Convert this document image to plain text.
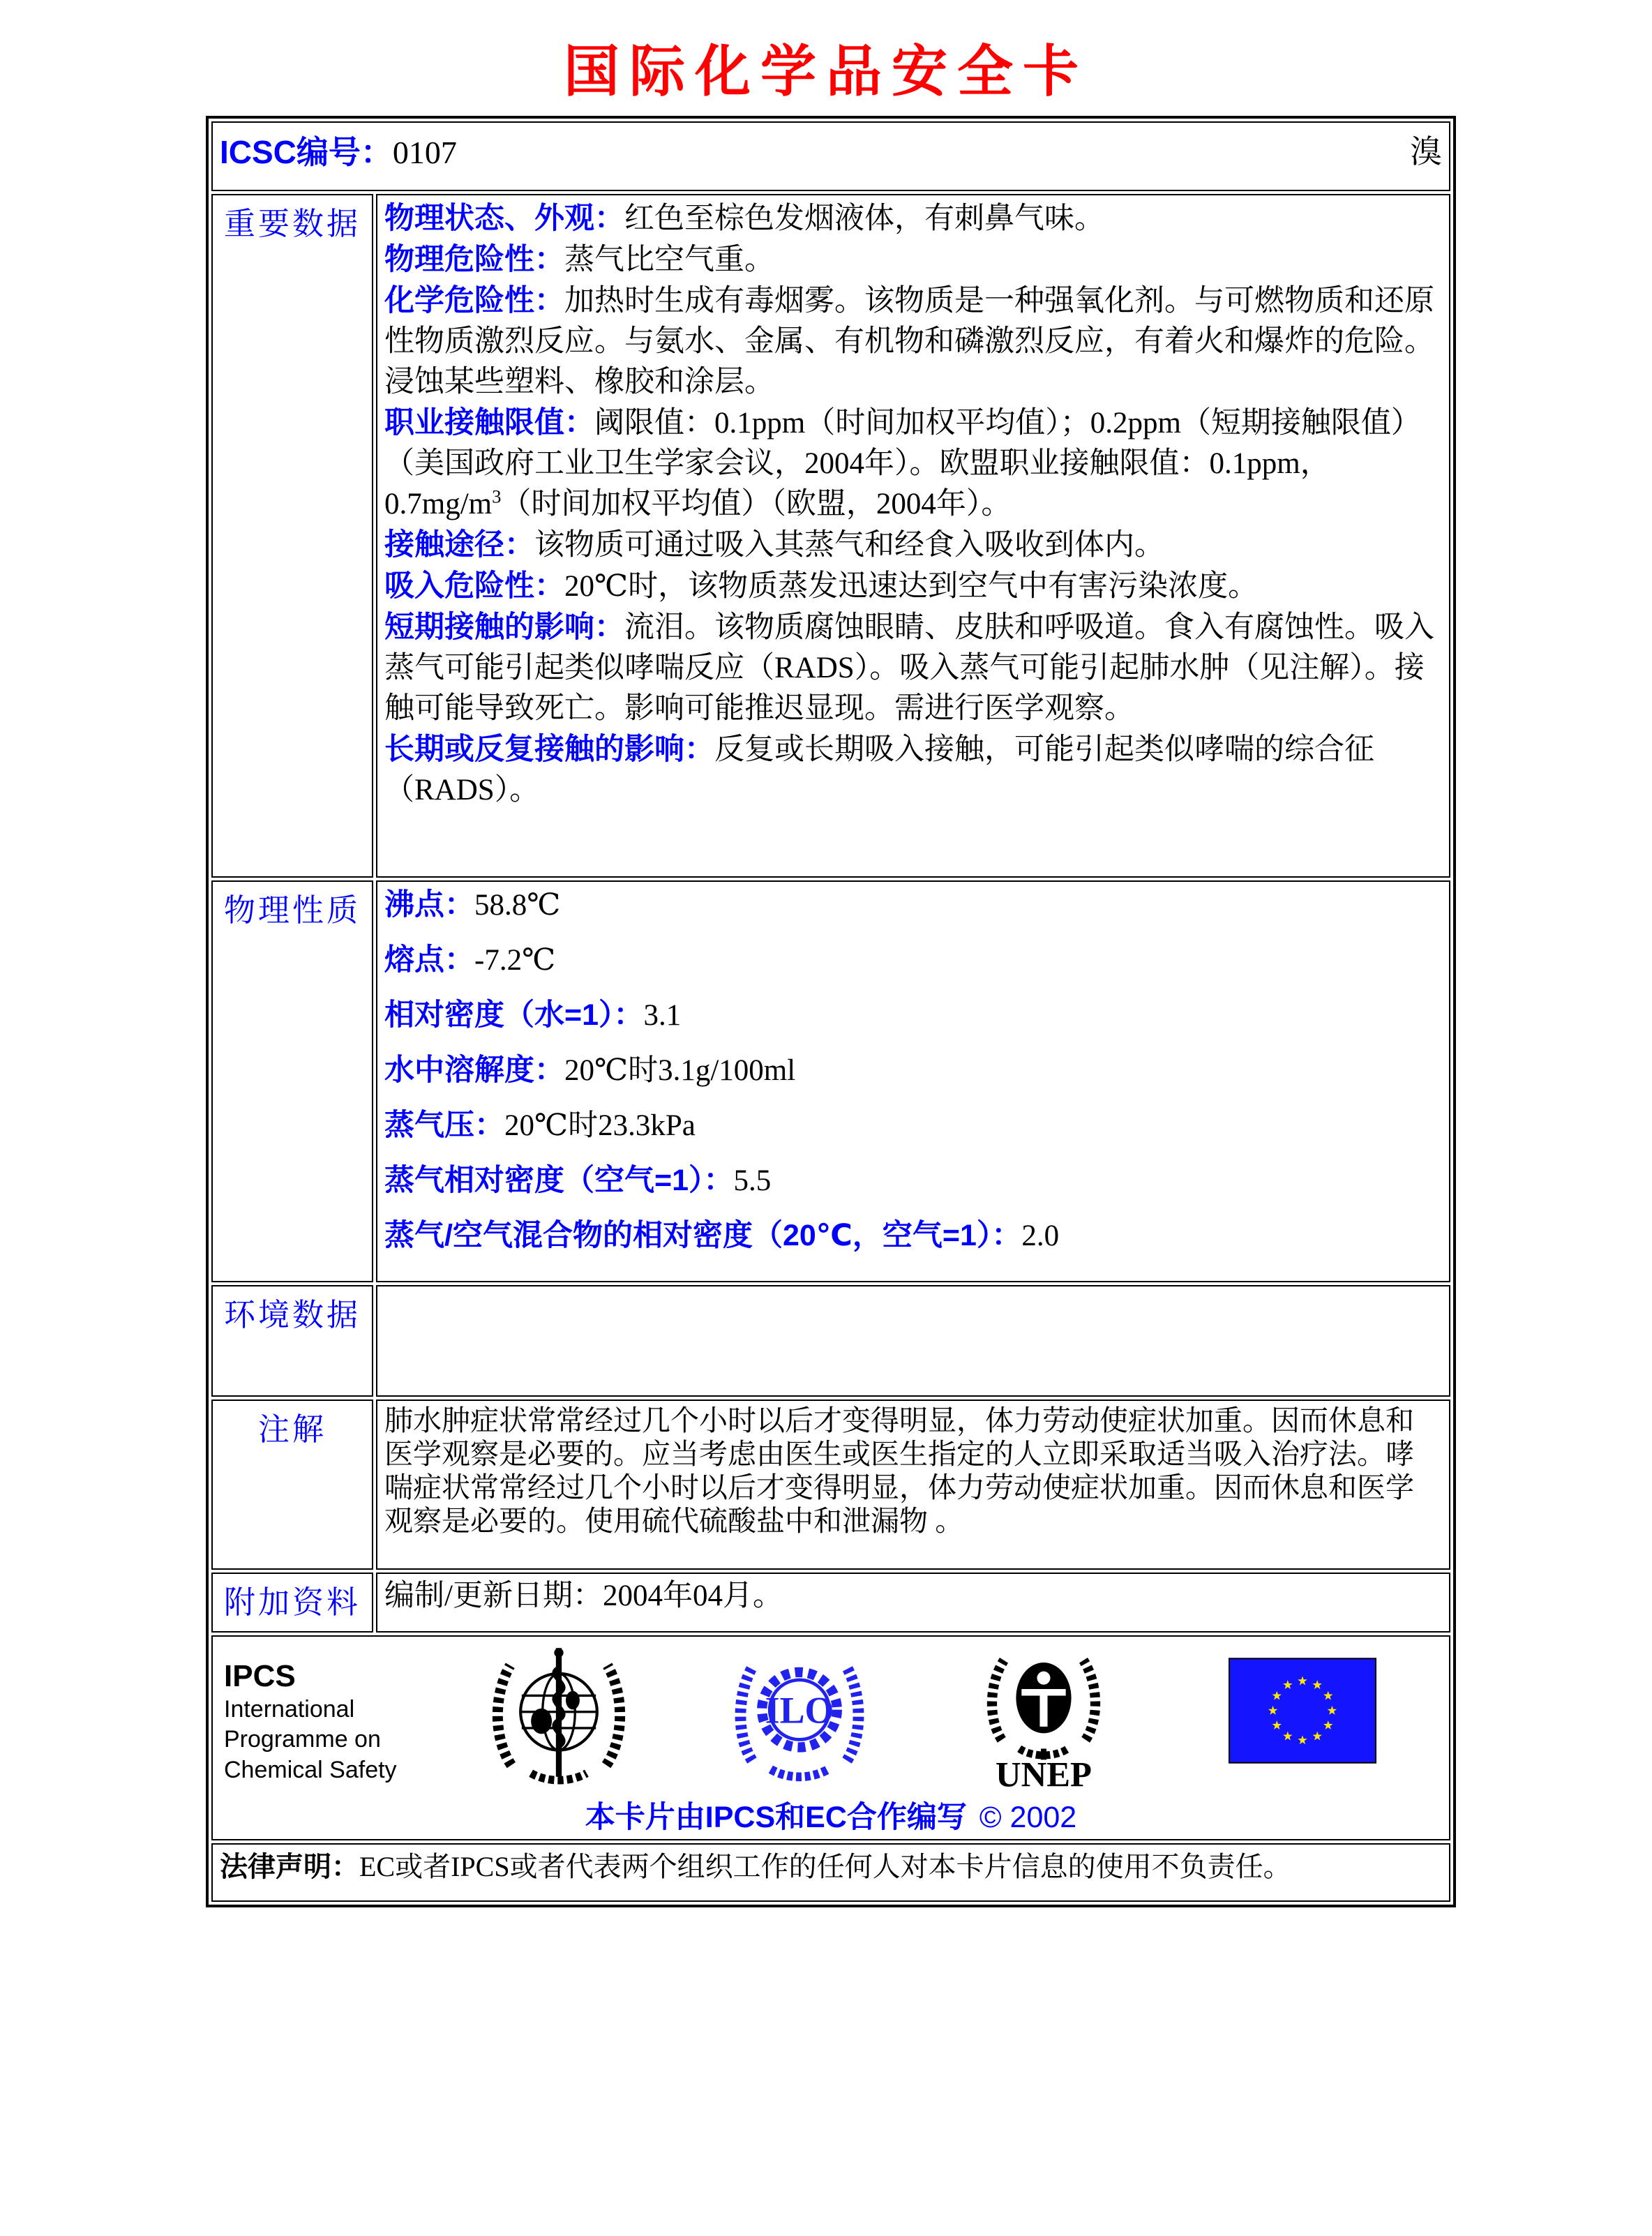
国际化学品安全卡
ICSC编号：0107 溴	

重要数据	物理状态、外观：红色至棕色发烟液体，有刺鼻气味。
物理危险性：蒸气比空气重。
化学危险性：加热时生成有毒烟雾。该物质是一种强氧化剂。与可燃物质和还原性物质激烈反应。与氨水、金属、有机物和磷激烈反应，有着火和爆炸的危险。浸蚀某些塑料、橡胶和涂层。
职业接触限值：阈限值：0.1ppm（时间加权平均值）；0.2ppm（短期接触限值）（美国政府工业卫生学家会议，2004年）。欧盟职业接触限值：0.1ppm，$0.7mg/m^3$（时间加权平均值）（欧盟，2004年）。
接触途径：该物质可通过吸入其蒸气和经食入吸收到体内。
吸入危险性：20℃时，该物质蒸发迅速达到空气中有害污染浓度。
短期接触的影响：流泪。该物质腐蚀眼睛、皮肤和呼吸道。食入有腐蚀性。吸入蒸气可能引起类似哮喘反应（RADS）。吸入蒸气可能引起肺水肿（见注解）。接触可能导致死亡。影响可能推迟显现。需进行医学观察。
长期或反复接触的影响：反复或长期吸入接触，可能引起类似哮喘的综合征（RADS）。

物理性质	沸点：58.8℃
熔点：-7.2℃
相对密度（水=1）：3.1
水中溶解度：20℃时3.1g/100ml
蒸气压：20℃时23.3kPa
蒸气相对密度（空气=1）：5.5
蒸气/空气混合物的相对密度（20℃，空气=1）：2.0

环境数据	
注解	肺水肿症状常常经过几个小时以后才变得明显，体力劳动使症状加重。因而休息和医学观察是必要的。应当考虑由医生或医生指定的人立即采取适当吸入治疗法。哮喘症状常常经过几个小时以后才变得明显，体力劳动使症状加重。因而休息和医学观察是必要的。使用硫代硫酸盐中和泄漏物 。
附加资料	编制/更新日期：2004年04月。

IPCS
International
Programme on
Chemical Safety
ILO
UNEP
本卡片由IPCS和EC合作编写 © 2002

法律声明：EC或者IPCS或者代表两个组织工作的任何人对本卡片信息的使用不负责任。	
